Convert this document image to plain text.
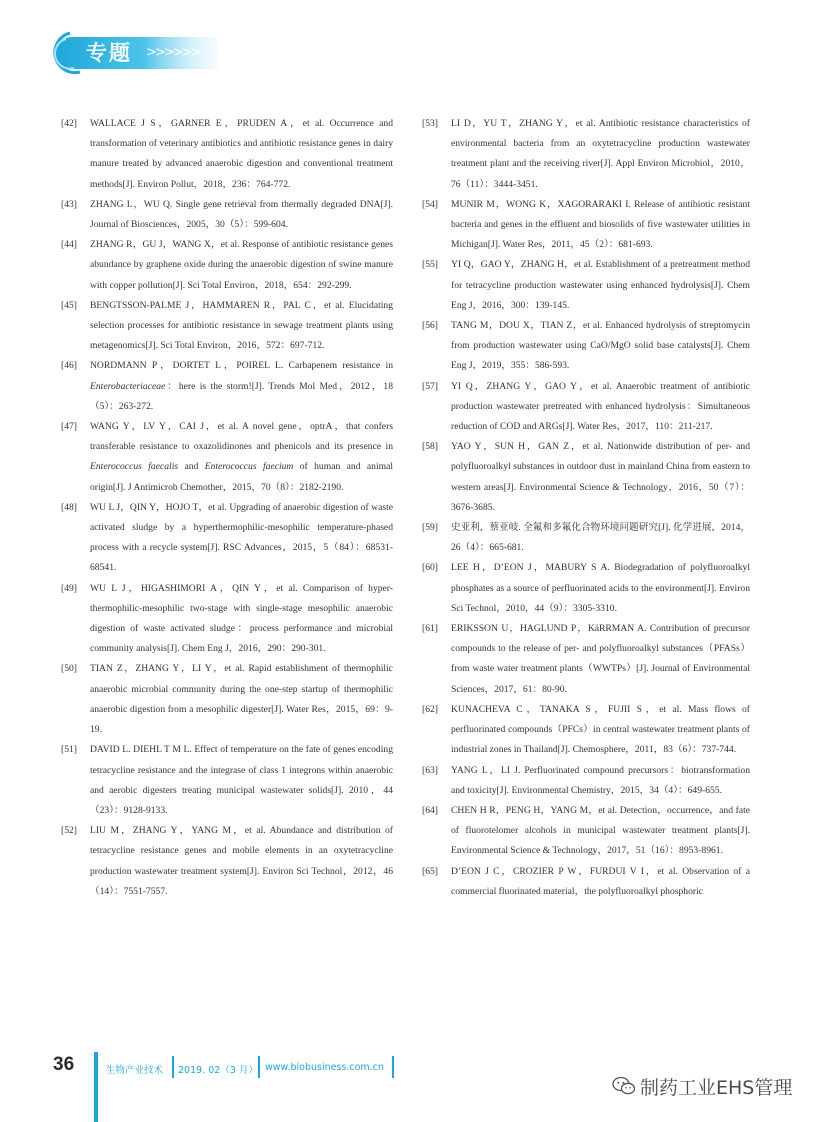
专题	>>>>>>
[42] WALLACE J S，GARNER E，PRUDEN A，et al. Occurrence and transformation of veterinary antibiotics and antibiotic resistance genes in dairy manure treated by advanced anaerobic digestion and conventional treatment methods[J]. Environ Pollut，2018，236：764-772.
[43] ZHANG L，WU Q. Single gene retrieval from thermally degraded DNA[J]. Journal of Biosciences，2005，30（5）：599-604.
[44] ZHANG R，GU J，WANG X，et al. Response of antibiotic resistance genes abundance by graphene oxide during the anaerobic digestion of swine manure with copper pollution[J]. Sci Total Environ，2018，654：292-299.
[45] BENGTSSON-PALME J，HAMMAREN R，PAL C，et al. Elucidating selection processes for antibiotic resistance in sewage treatment plants using metagenomics[J]. Sci Total Environ，2016，572：697-712.
[46] NORDMANN P，DORTET L，POIREL L. Carbapenem resistance in Enterobacteriaceae：here is the storm![J]. Trends Mol Med，2012，18（5）：263-272.
[47] WANG Y，LV Y，CAI J，et al. A novel gene，optrA，that confers transferable resistance to oxazolidinones and phenicols and its presence in Enterococcus faecalis and Enterococcus faecium of human and animal origin[J]. J Antimicrob Chemother，2015，70（8）：2182-2190.
[48] WU L J，QIN Y，HOJO T，et al. Upgrading of anaerobic digestion of waste activated sludge by a hyperthermophilic-mesophilic temperature-phased process with a recycle system[J]. RSC Advances，2015，5（84）：68531-68541.
[49] WU L J，HIGASHIMORI A，QIN Y，et al. Comparison of hyper-thermophilic-mesophilic two-stage with single-stage mesophilic anaerobic digestion of waste activated sludge：process performance and microbial community analysis[J]. Chem Eng J，2016，290：290-301.
[50] TIAN Z，ZHANG Y，LI Y，et al. Rapid establishment of thermophilic anaerobic microbial community during the one-step startup of thermophilic anaerobic digestion from a mesophilic digester[J]. Water Res，2015，69：9-19.
[51] DAVID L. DIEHL T M L. Effect of temperature on the fate of genes encoding tetracycline resistance and the integrase of class 1 integrons within anaerobic and aerobic digesters treating municipal wastewater solids[J]. 2010，44（23）：9128-9133.
[52] LIU M，ZHANG Y，YANG M，et al. Abundance and distribution of tetracycline resistance genes and mobile elements in an oxytetracycline production wastewater treatment system[J]. Environ Sci Technol，2012，46（14）：7551-7557.
[53] LI D，YU T，ZHANG Y，et al. Antibiotic resistance characteristics of environmental bacteria from an oxytetracycline production wastewater treatment plant and the receiving river[J]. Appl Environ Microbiol，2010，76（11）：3444-3451.
[54] MUNIR M，WONG K，XAGORARAKI I. Release of antibiotic resistant bacteria and genes in the effluent and biosolids of five wastewater utilities in Michigan[J]. Water Res，2011，45（2）：681-693.
[55] YI Q，GAO Y，ZHANG H，et al. Establishment of a pretreatment method for tetracycline production wastewater using enhanced hydrolysis[J]. Chem Eng J，2016，300：139-145.
[56] TANG M，DOU X，TIAN Z，et al. Enhanced hydrolysis of streptomycin from production wastewater using CaO/MgO solid base catalysts[J]. Chem Eng J，2019，355：586-593.
[57] YI Q，ZHANG Y，GAO Y，et al. Anaerobic treatment of antibiotic production wastewater pretreated with enhanced hydrolysis：Simultaneous reduction of COD and ARGs[J]. Water Res，2017，110：211-217.
[58] YAO Y，SUN H，GAN Z，et al. Nationwide distribution of per- and polyfluoroalkyl substances in outdoor dust in mainland China from eastern to western areas[J]. Environmental Science & Technology，2016，50（7）：3676-3685.
[59] 史亚利，蔡亚岐. 全氟和多氟化合物环境问题研究[J]. 化学进展，2014，26（4）：665-681.
[60] LEE H，D’EON J，MABURY S A. Biodegradation of polyfluoroalkyl phosphates as a source of perfluorinated acids to the environment[J]. Environ Sci Technol，2010，44（9）：3305-3310.
[61] ERIKSSON U，HAGLUND P，KäRRMAN A. Contribution of precursor compounds to the release of per- and polyfluoroalkyl substances（PFASs）from waste water treatment plants（WWTPs）[J]. Journal of Environmental Sciences，2017，61：80-90.
[62] KUNACHEVA C，TANAKA S，FUJII S，et al. Mass flows of perfluorinated compounds（PFCs）in central wastewater treatment plants of industrial zones in Thailand[J]. Chemosphere，2011，83（6）：737-744.
[63] YANG L，LI J. Perfluorinated compound precursors：biotransformation and toxicity[J]. Environmental Chemistry，2015，34（4）：649-655.
[64] CHEN H R，PENG H，YANG M，et al. Detection，occurrence，and fate of fluorotelomer alcohols in municipal wastewater treatment plants[J]. Environmental Science & Technology，2017，51（16）：8953-8961.
[65] D’EON J C，CROZIER P W，FURDUI V I，et al. Observation of a commercial fluorinated material，the polyfluoroalkyl phosphoric
36	生物产业技术 2019. 02（3 月） www.biobusiness.com.cn
制药工业EHS管理
